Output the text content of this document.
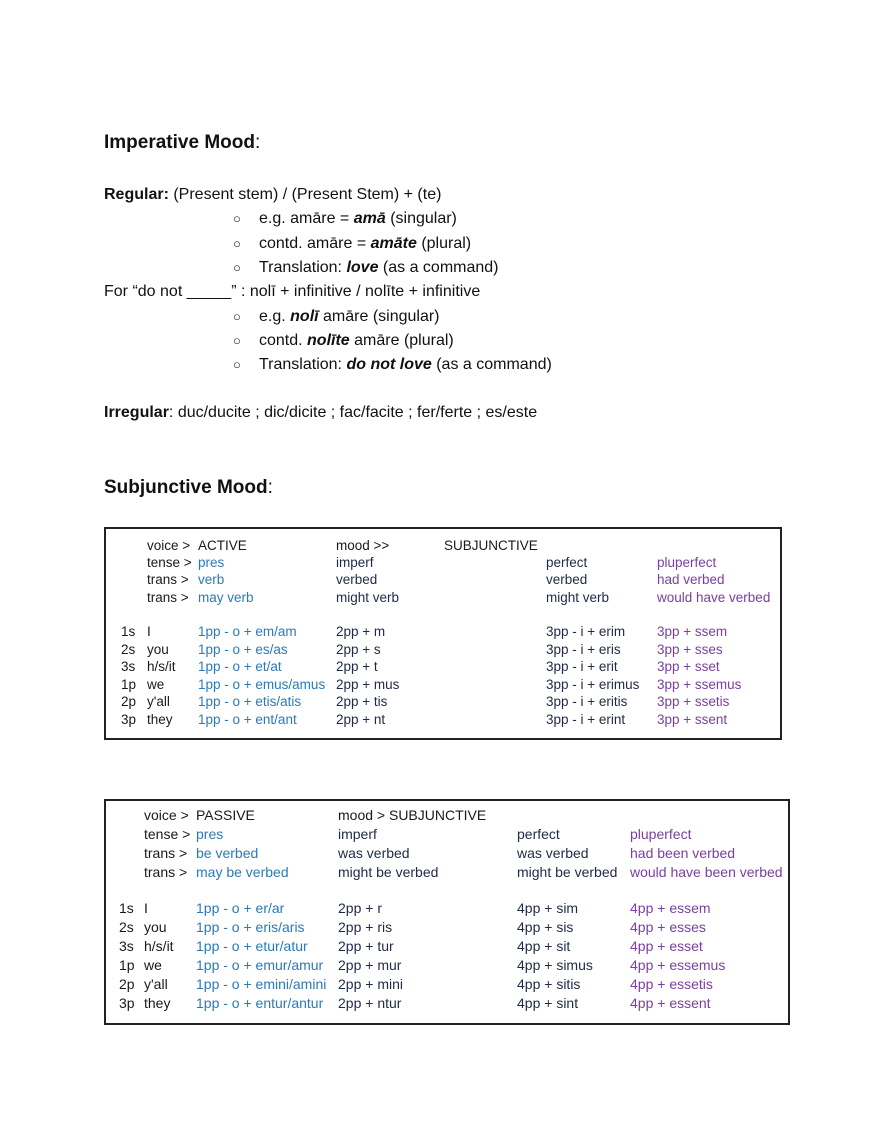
Imperative Mood:
Regular: (Present stem) / (Present Stem) + (te)
○ e.g. amāre = amā (singular)
○ contd. amāre = amāte (plural)
○ Translation: love (as a command)
For “do not _____” : nolī + infinitive / nolīte + infinitive
○ e.g. nolī amāre (singular)
○ contd. nolīte amāre (plural)
○ Translation: do not love (as a command)
Irregular: duc/ducite ; dic/dicite ; fac/facite ; fer/ferte ; es/este
Subjunctive Mood:
voice > ACTIVE	mood >>	SUBJUNCTIVE
tense > pres	imperf	perfect	pluperfect
trans > verb	verbed	verbed	had verbed
trans > may verb	might verb	might verb	would have verbed
1s I	1pp - o + em/am	2pp + m	3pp - i + erim 3pp + ssem
2s you 1pp - o + es/as	2pp + s	3pp - i + eris	3pp + sses
3s h/s/it 1pp - o + et/at	2pp + t	3pp - i + erit	3pp + sset
1p we 1pp - o + emus/amus 2pp + mus	3pp - i + erimus 3pp + ssemus
2p y'all 1pp - o + etis/atis	2pp + tis	3pp - i + eritis 3pp + ssetis
3p they 1pp - o + ent/ant	2pp + nt	3pp - i + erint 3pp + ssent
voice > PASSIVE	mood > SUBJUNCTIVE
tense > pres	imperf	perfect	pluperfect
trans > be verbed	was verbed	was verbed	had been verbed
trans > may be verbed	might be verbed	might be verbed would have been verbed
1s I	1pp - o + er/ar	2pp + r	4pp + sim	4pp + essem
2s you 1pp - o + eris/aris 2pp + ris	4pp + sis	4pp + esses
3s h/s/it 1pp - o + etur/atur 2pp + tur	4pp + sit	4pp + esset
1p we 1pp - o + emur/amur 2pp + mur	4pp + simus	4pp + essemus
2p y'all 1pp - o + emini/amini 2pp + mini	4pp + sitis	4pp + essetis
3p they 1pp - o + entur/antur 2pp + ntur	4pp + sint	4pp + essent
